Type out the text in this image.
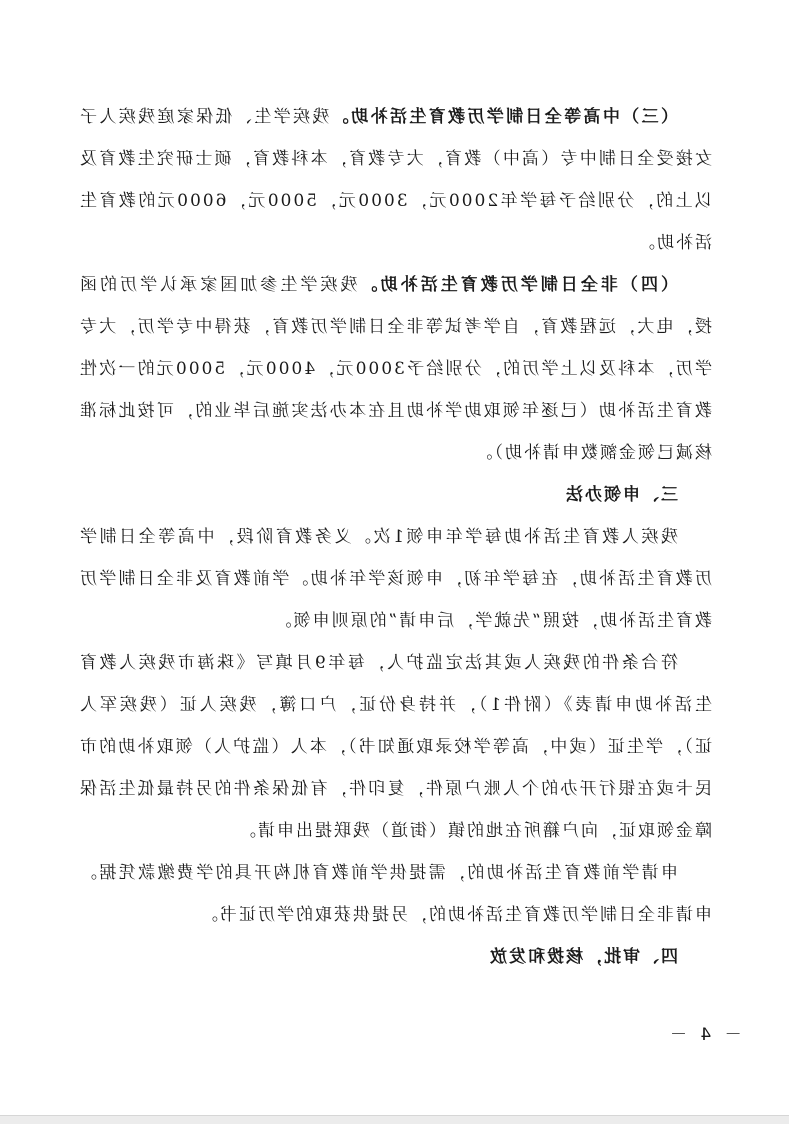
（三）中高等全日制学历教育生活补助。残疾学生、低保家庭残疾人子女接受全日制中专（高中）教育，大专教育，本科教育，硕士研究生教育及以上的，分别给予每学年2000元，3000元，5000元，6000元的教育生活补助。

（四）非全日制学历教育生活补助。残疾学生参加国家承认学历的函授，电大，远程教育，自学考试等非全日制学历教育，获得中专学历，大专学历，本科及以上学历的，分别给予3000元，4000元，5000元的一次性教育生活补助（已逐年领取助学补助且在本办法实施后毕业的，可按此标准核减已领金额数申请补助）。

三、申领办法

残疾人教育生活补助每学年申领1次。义务教育阶段，中高等全日制学历教育生活补助，在每学年初，申领该学年补助。学前教育及非全日制学历教育生活补助，按照“先就学，后申请”的原则申领。

符合条件的残疾人或其法定监护人，每年9月填写《珠海市残疾人教育生活补助申请表》（附件1），并持身份证，户口簿，残疾人证（残疾军人证），学生证（或中，高等学校录取通知书），本人（监护人）领取补助的市民卡或在银行开办的个人账户原件，复印件，有低保条件的另持最低生活保障金领取证，向户籍所在地的镇（街道）残联提出申请。

申请学前教育生活补助的，需提供学前教育机构开具的学费缴款凭据。申请非全日制学历教育生活补助的，另提供获取的学历证书。

四、审批，核拨和发放

－ 4 －
